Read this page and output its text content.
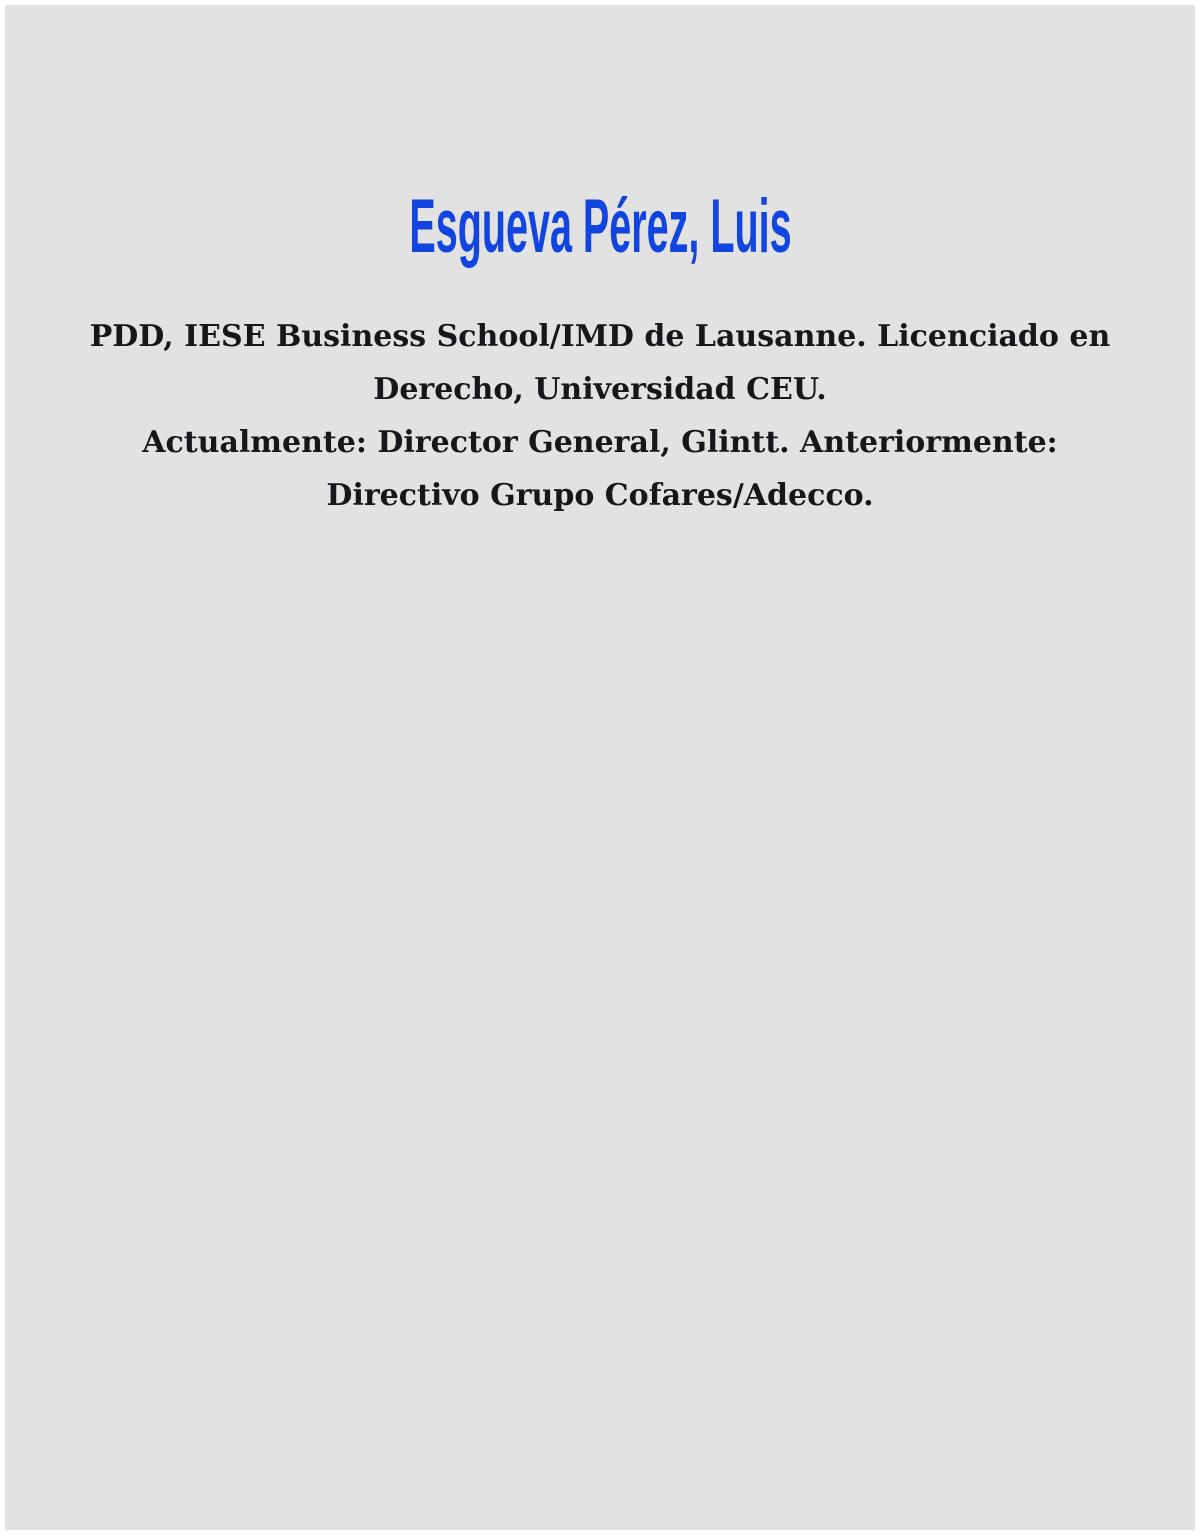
Esgueva Pérez, Luis
PDD, IESE Business School/IMD de Lausanne. Licenciado en
Derecho, Universidad CEU.
Actualmente: Director General, Glintt. Anteriormente:
Directivo Grupo Cofares/Adecco.
